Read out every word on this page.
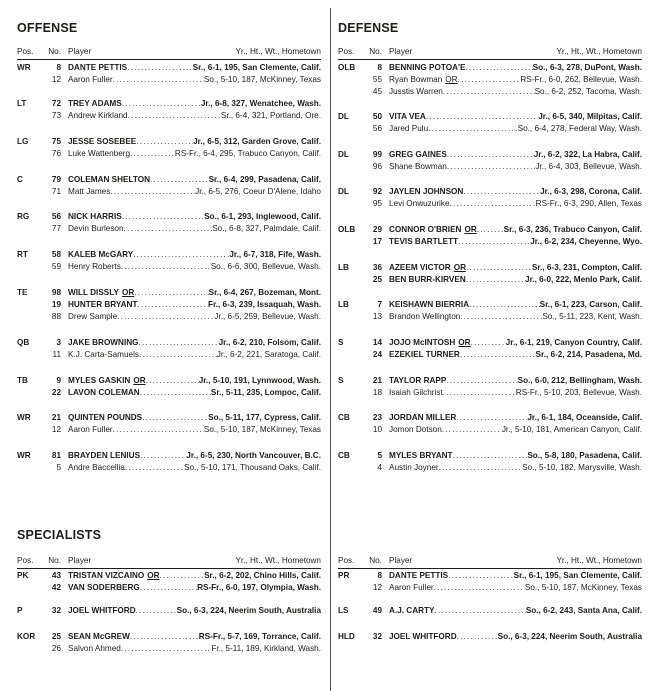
OFFENSE	DEFENSE
SPECIALISTS
Pos.	No. Player	Yr., Ht., Wt., Hometown Pos.	No. Player	Yr., Ht., Wt., Hometown
Pos.	No. Player	Yr., Ht., Wt., Hometown Pos.	No. Player	Yr., Ht., Wt., Hometown
WR	8 DANTE PETTIS .....	Sr., 6-1, 195, San Clemente, Calif.
12 Aaron Fuller .....	So., 5-10, 187, McKinney, Texas
LT	72 TREY ADAMS .....	Jr., 6-8, 327, Wenatchee, Wash.
73 Andrew Kirkland .....	Sr., 6-4, 321, Portland, Ore.
LG	75 JESSE SOSEBEE .....	Jr., 6-5, 312, Garden Grove, Calif.
76 Luke Wattenberg .....	RS-Fr., 6-4, 295, Trabuco Canyon, Calif.
C	79 COLEMAN SHELTON .....	Sr., 6-4, 299, Pasadena, Calif.
71 Matt James .....	Jr., 6-5, 276, Coeur D'Alene, Idaho
RG	56 NICK HARRIS .....	So., 6-1, 293, Inglewood, Calif.
77 Devin Burleson .....	So., 6-8, 327, Palmdale, Calif.
RT	58 KALEB McGARY .....	Jr., 6-7, 318, Fife, Wash.
59 Henry Roberts .....	So., 6-6, 300, Bellevue, Wash.
TE	98 WILL DISSLY OR .....	Sr., 6-4, 267, Bozeman, Mont.
19 HUNTER BRYANT .....	Fr., 6-3, 239, Issaquah, Wash.
88 Drew Sample .....	Jr., 6-5, 259, Bellevue, Wash.
QB	3 JAKE BROWNING .....	Jr., 6-2, 210, Folsom, Calif.
11 K.J. Carta-Samuels .....	Jr., 6-2, 221, Saratoga, Calif.
TB	9 MYLES GASKIN OR .....	Jr., 5-10, 191, Lynnwood, Wash.
22 LAVON COLEMAN .....	Sr., 5-11, 235, Lompoc, Calif.
WR	21 QUINTEN POUNDS .....	So., 5-11, 177, Cypress, Calif.
12 Aaron Fuller .....	So., 5-10, 187, McKinney, Texas
WR	81 BRAYDEN LENIUS .....	Jr., 6-5, 230, North Vancouver, B.C.
5 Andre Baccellia .....	So., 5-10, 171, Thousand Oaks, Calif.
OLB	8 BENNING POTOA'E .....	So., 6-3, 278, DuPont, Wash.
55 Ryan Bowman OR .....	RS-Fr., 6-0, 262, Bellevue, Wash.
45 Jusstis Warren .....	So., 6-2, 252, Tacoma, Wash.
DL	50 VITA VEA .....	Jr., 6-5, 340, Milpitas, Calif.
56 Jared Pulu .....	So., 6-4, 278, Federal Way, Wash.
DL	99 GREG GAINES .....	Jr., 6-2, 322, La Habra, Calif.
96 Shane Bowman .....	Jr., 6-4, 303, Bellevue, Wash.
DL	92 JAYLEN JOHNSON .....	Jr., 6-3, 298, Corona, Calif.
95 Levi Onwuzurike .....	RS-Fr., 6-3, 290, Allen, Texas
OLB	29 CONNOR O'BRIEN OR .....	Sr., 6-3, 236, Trabuco Canyon, Calif.
17 TEVIS BARTLETT .....	Jr., 6-2, 234, Cheyenne, Wyo.
LB	36 AZEEM VICTOR OR .....	Sr., 6-3, 231, Compton, Calif.
25 BEN BURR-KIRVEN .....	Jr., 6-0, 222, Menlo Park, Calif.
LB	7 KEISHAWN BIERRIA .....	Sr., 6-1, 223, Carson, Calif.
13 Brandon Wellington .....	So., 5-11, 223, Kent, Wash.
S	14 JOJO McINTOSH OR .....	Jr., 6-1, 219, Canyon Country, Calif.
24 EZEKIEL TURNER .....	Sr., 6-2, 214, Pasadena, Md.
S	21 TAYLOR RAPP .....	So., 6-0, 212, Bellingham, Wash.
18 Isaiah Gilchrist .....	RS-Fr., 5-10, 203, Bellevue, Wash.
CB	23 JORDAN MILLER .....	Jr., 6-1, 184, Oceanside, Calif.
10 Jomon Dotson .....	Jr., 5-10, 181, American Canyon, Calif.
CB	5 MYLES BRYANT .....	So., 5-8, 180, Pasadena, Calif.
4 Austin Joyner .....	So., 5-10, 182, Marysville, Wash.
PK	43 TRISTAN VIZCAINO OR .....	Sr., 6-2, 202, Chino Hills, Calif.
42 VAN SODERBERG .....	RS-Fr., 6-0, 197, Olympia, Wash.
P	32 JOEL WHITFORD .....	So., 6-3, 224, Neerim South, Australia
KOR	25 SEAN McGREW .....	RS-Fr., 5-7, 169, Torrance, Calif.
26 Salvon Ahmed .....	Fr., 5-11, 189, Kirkland, Wash.
PR	8 DANTE PETTIS .....	Sr., 6-1, 195, San Clemente, Calif.
12 Aaron Fuller .....	So., 5-10, 187, McKinney, Texas
LS	49 A.J. CARTY .....	So., 6-2, 243, Santa Ana, Calif.
HLD	32 JOEL WHITFORD .....	So., 6-3, 224, Neerim South, Australia
